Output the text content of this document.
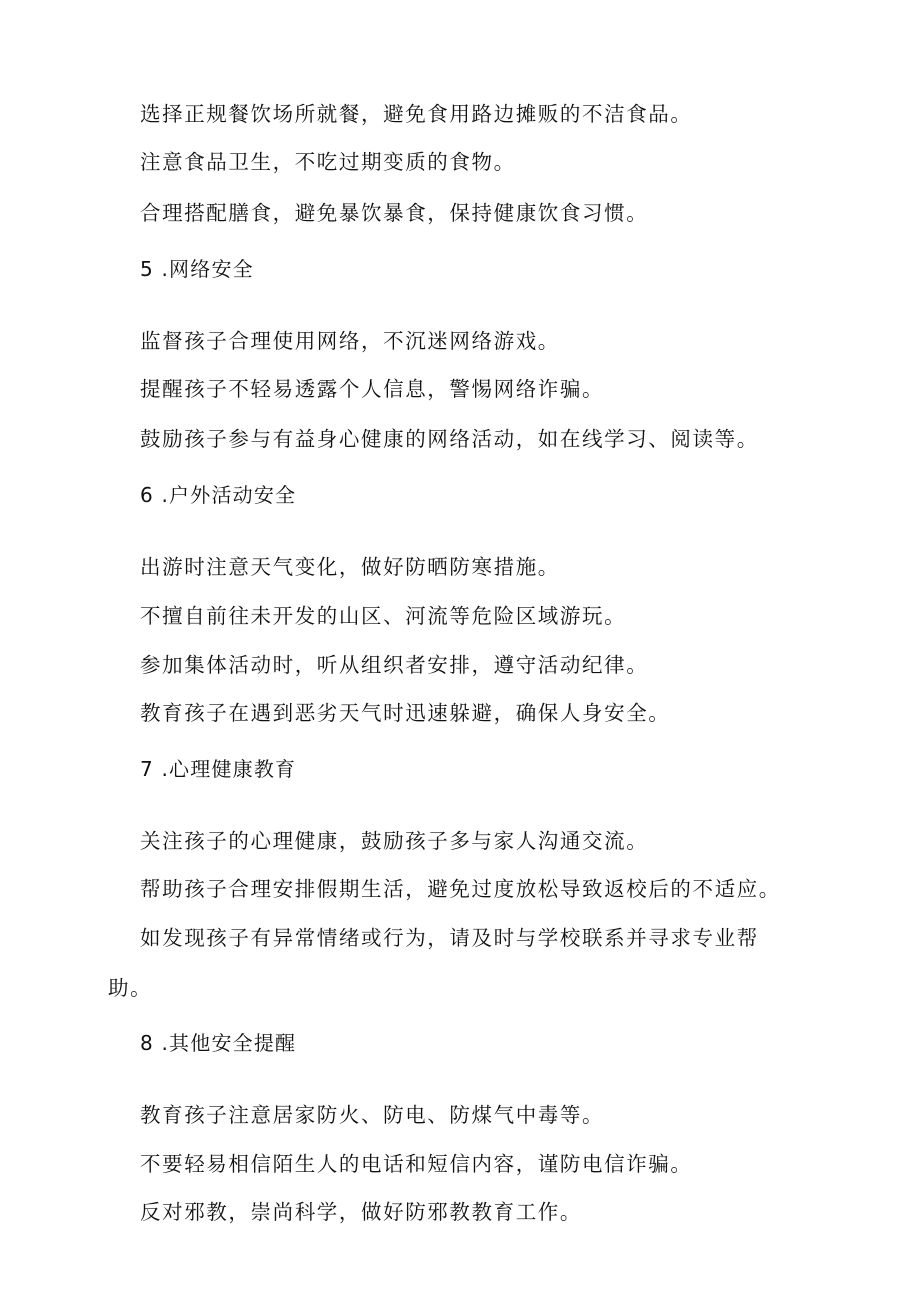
选择正规餐饮场所就餐，避免食用路边摊贩的不洁食品。

注意食品卫生，不吃过期变质的食物。

合理搭配膳食，避免暴饮暴食，保持健康饮食习惯。

5 .网络安全

监督孩子合理使用网络，不沉迷网络游戏。

提醒孩子不轻易透露个人信息，警惕网络诈骗。

鼓励孩子参与有益身心健康的网络活动，如在线学习、阅读等。

6 .户外活动安全

出游时注意天气变化，做好防晒防寒措施。

不擅自前往未开发的山区、河流等危险区域游玩。

参加集体活动时，听从组织者安排，遵守活动纪律。

教育孩子在遇到恶劣天气时迅速躲避，确保人身安全。

7 .心理健康教育

关注孩子的心理健康，鼓励孩子多与家人沟通交流。

帮助孩子合理安排假期生活，避免过度放松导致返校后的不适应。

如发现孩子有异常情绪或行为，请及时与学校联系并寻求专业帮

助。

8 .其他安全提醒

教育孩子注意居家防火、防电、防煤气中毒等。

不要轻易相信陌生人的电话和短信内容，谨防电信诈骗。

反对邪教，崇尚科学，做好防邪教教育工作。
